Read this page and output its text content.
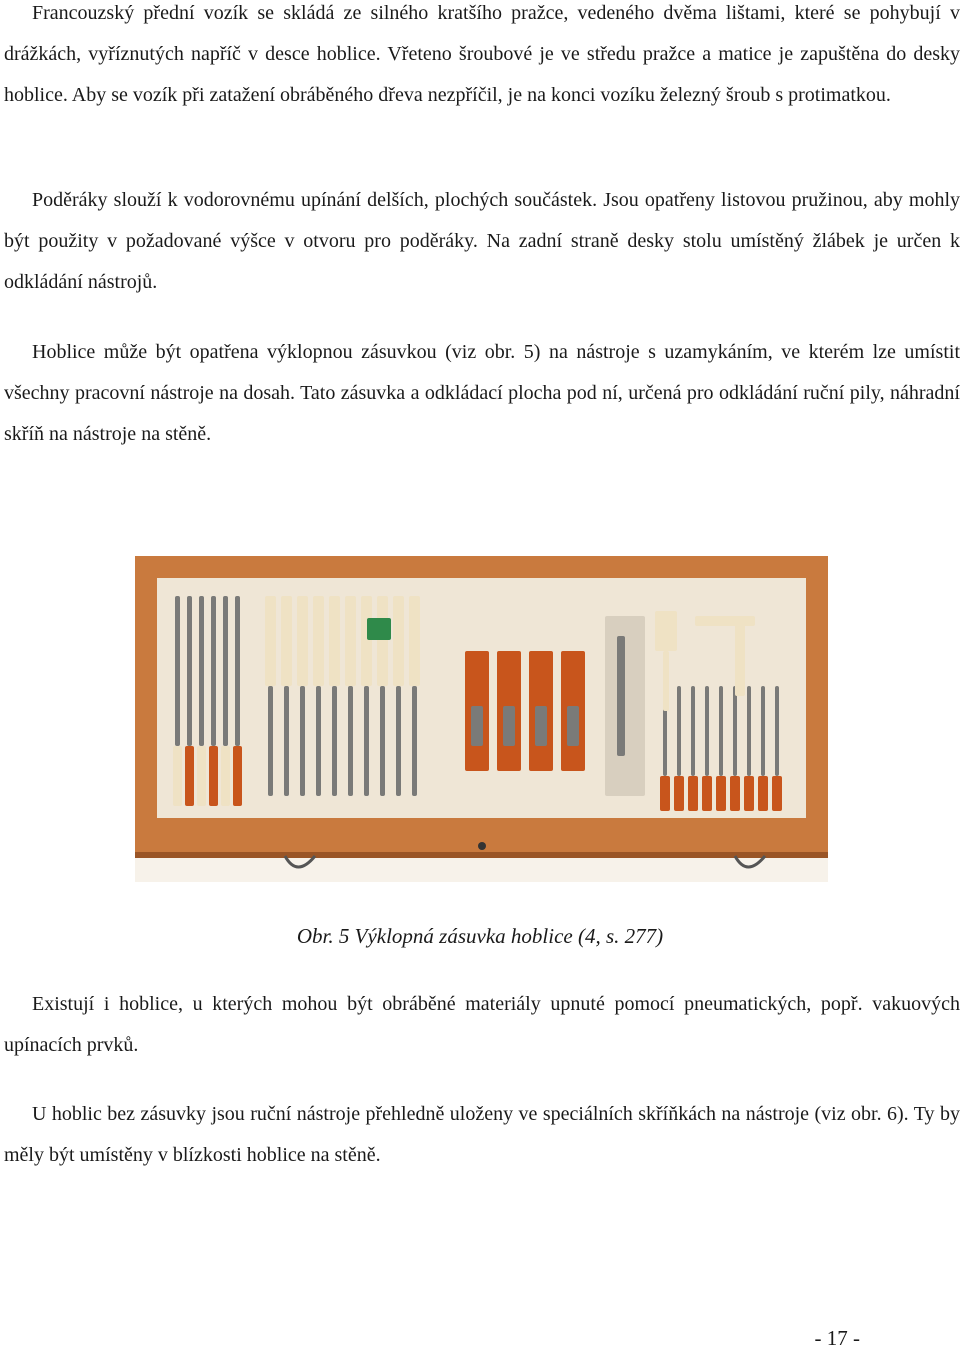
Francouzský přední vozík se skládá ze silného kratšího pražce, vedeného dvěma lištami, které se pohybují v drážkách, vyříznutých napříč v desce hoblice. Vřeteno šroubové je ve středu pražce a matice je zapuštěna do desky hoblice. Aby se vozík při zatažení obráběného dřeva nezpříčil, je na konci vozíku železný šroub s protimatkou.

Poděráky slouží k vodorovnému upínání delších, plochých součástek. Jsou opatřeny listovou pružinou, aby mohly být použity v požadované výšce v otvoru pro poděráky. Na zadní straně desky stolu umístěný žlábek je určen k odkládání nástrojů.

Hoblice může být opatřena výklopnou zásuvkou (viz obr. 5) na nástroje s uzamykáním, ve kterém lze umístit všechny pracovní nástroje na dosah. Tato zásuvka a odkládací plocha pod ní, určená pro odkládání ruční pily, náhradní skříň na nástroje na stěně.

Obr. 5 Výklopná zásuvka hoblice (4, s. 277)

Existují i hoblice, u kterých mohou být obráběné materiály upnuté pomocí pneumatických, popř. vakuových upínacích prvků.

U hoblic bez zásuvky jsou ruční nástroje přehledně uloženy ve speciálních skříňkách na nástroje (viz obr. 6). Ty by měly být umístěny v blízkosti hoblice na stěně.

- 17 -
